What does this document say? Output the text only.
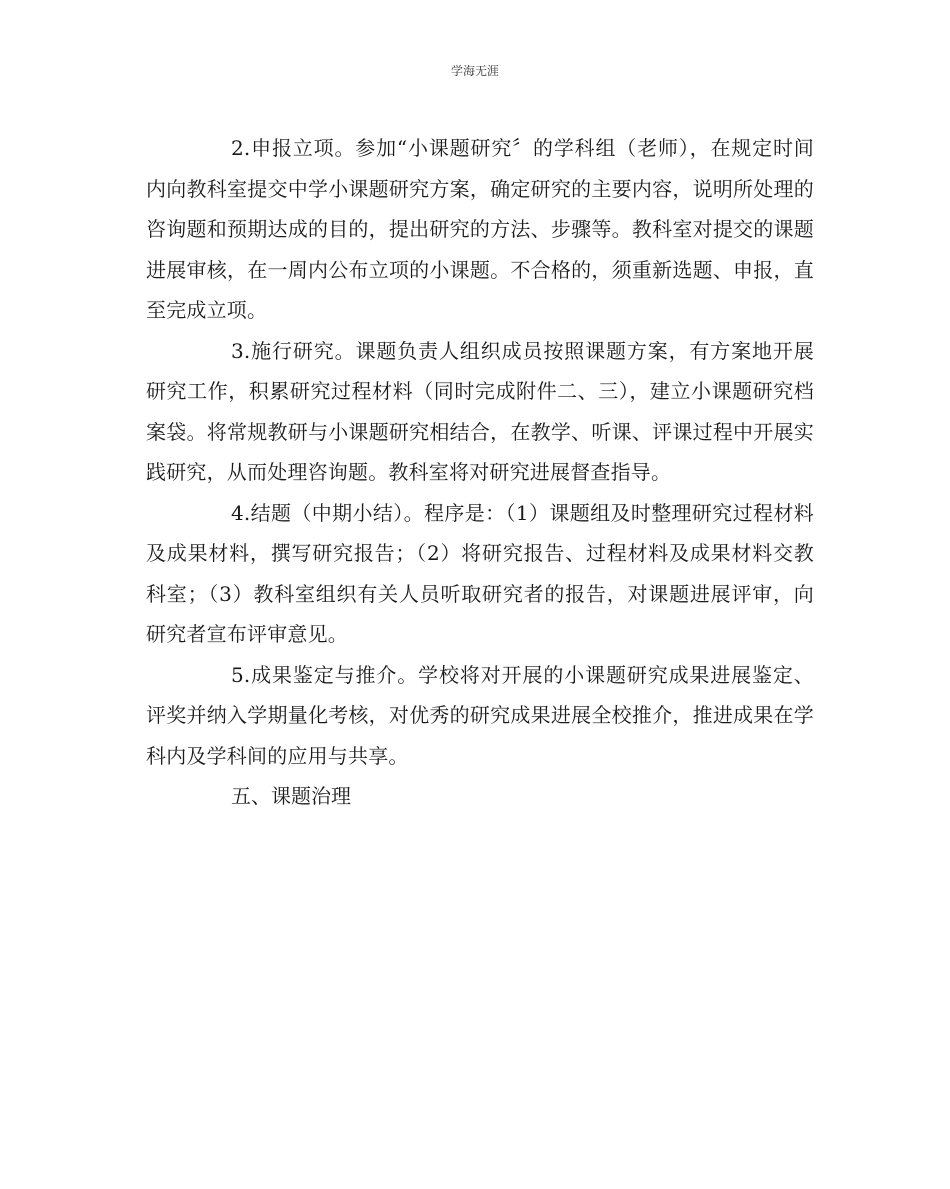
学海无涯

2.申报立项。参加“小课题研究〞的学科组（老师），在规定时间内向教科室提交中学小课题研究方案，确定研究的主要内容，说明所处理的咨询题和预期达成的目的，提出研究的方法、步骤等。教科室对提交的课题进展审核，在一周内公布立项的小课题。不合格的，须重新选题、申报，直至完成立项。

3.施行研究。课题负责人组织成员按照课题方案，有方案地开展研究工作，积累研究过程材料（同时完成附件二、三），建立小课题研究档案袋。将常规教研与小课题研究相结合，在教学、听课、评课过程中开展实践研究，从而处理咨询题。教科室将对研究进展督查指导。

4.结题（中期小结）。程序是：（1）课题组及时整理研究过程材料及成果材料，撰写研究报告；（2）将研究报告、过程材料及成果材料交教科室；（3）教科室组织有关人员听取研究者的报告，对课题进展评审，向研究者宣布评审意见。

5.成果鉴定与推介。学校将对开展的小课题研究成果进展鉴定、评奖并纳入学期量化考核，对优秀的研究成果进展全校推介，推进成果在学科内及学科间的应用与共享。

五、课题治理
